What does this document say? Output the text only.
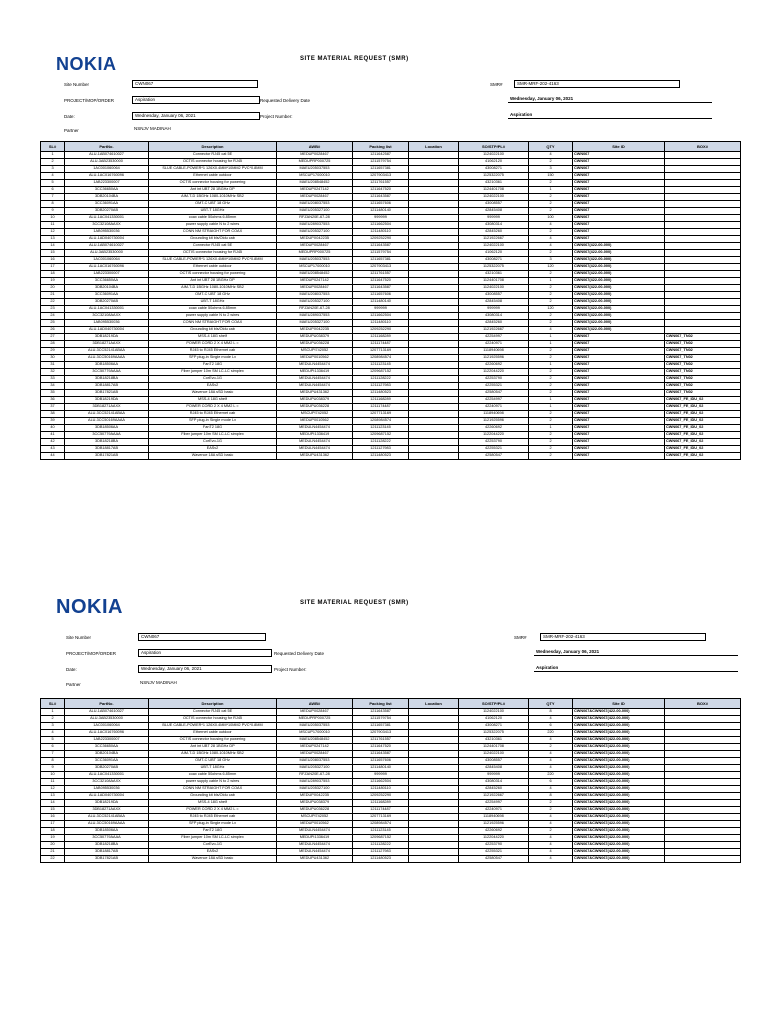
NOKIA	SITE MATERIAL REQUEST (SMR)
Site Number	CWN067	SMR#	SMR-MRF-202-4163
PROJECT/MOP/ORDER	Aspiration	Requested Delivery Date	Wednesday, January 06, 2021
Date:	Wednesday, January 06, 2021	Project Number:	Aspiration
Partner	NSNJV MADINAH
SL#	PartNo.	Description	AWB#	Packing list	Location	SO/STP/PL#	QTY	Site ID	BOX#
1	ALU-1AB074610027	Connector RJ45 cat 5E	MEDUP0028467	1211642587		1124022100	4	CWN067	
2	ALU-3AB23530000	OCTIS connector housing for RJ45	MEDUPRP000725	1211579754		41062120	2	CWN067	
3	1AC001060064	SLUE CABLE-POWER*1 126X0.4MM*10MM2 PVC*0.8MM	MAEU205037553	1211657381		43008271	3	CWN067	
4	ALU-1AC016760096	Ethernet cable outdoor	MSCUP17000010	1207903413		1125322075	150	CWN067	
5	1AB223300007	OCTIS connector housing for powering	MAEU208548452	1211761557		43210361	2	CWN067	
6	3CC36650AA	Ant int UBT 28 1BGHz DP	MEDUP0247142	1211647520		1124401708	1	CWN067	
7	3DB20104BA	AIM-T-D 1BGHz 1080-1010MHz SB2	MEDUP0028467	1211643587		1124022100	2	CWN067	
8	3CC36091AA	OMT-C UBT 18 GHz	MAEU208037553	1211657606		43008557	2	CWN067	
9	3DB20270AB	UBT-T 18GHz	MAEU205327100	1211480140		42845408	2	CWN067	
10	ALU-1AC041330001	coax cable 50ohms 6.85mm	RFZAN20E-67-28	999999		999999	100	CWN067	
11	3CC32108AAXX	power supply cable N to 2 wires	MAEU289037553	1211662504		43080314	4	CWN067	
12	1AB095530036	CONN NM STRAIGHT FOR COAX	MAEU205327100	1211480110		42845260	2	CWN067	
13	ALU-1AD040730004	Grounding kit bls/Oldu cab	MEDUPX042235	1209252290		1121922667	4	CWN067	
14	ALU-1AB074610027	Connector RJ45 cat 5E	MEDUP0028467	1211643587		1124022100	4	CWN067(422-00-000)	
15	ALU-3AB23530000	OCTIS connector housing for RJ45	MEDUPRP000725	1211579754		41062120	2	CWN067(422-00-000)	
16	1AC001060064	SLUE CABLE-POWER*1 126X0.4MM*10MM2 PVC*0.8MM	MAEU205037553	1211657381		43008271	3	CWN067(422-00-000)	
17	ALU-1AC016760096	Ethernet cable outdoor	MSCUP17000010	1207903413		1125322075	120	CWN067(422-00-000)	
18	1AB223300007	OCTIS connector housing for powering	MAEU208548452	1211761557		43210361	2	CWN067(422-00-000)	
19	3CC36650AA	Ant int UBT 28 1BGHz DP	MEDUP0247142	1211647520		1124401708	1	CWN067(422-00-000)	
20	3DB20104BA	AIM-T-D 1BGHz 1080-1010MHz SB2	MEDUP0028467	1211643587		1124022100	2	CWN067(422-00-000)	
21	3CC36091AA	OMT-C UBT 18 GHz	MAEU208037553	1211657606		43008557	2	CWN067(422-00-000)	
22	3DB20270AB	UBT-T 18GHz	MAEU205327100	1211480140		42845408	2	CWN067(422-00-000)	
23	ALU-1AC041330001	coax cable 50ohms 6.85mm	RFZAN20E-67-28	999999		999999	120	CWN067(422-00-000)	
24	3CC32108AAXX	power supply cable N to 2 wires	MAEU289037553	1211662504		43080314	2	CWN067(422-00-000)	
25	1AB095530036	CONN NM STRAIGHT FOR COAX	MAEU205327100	1211480110		42845260	2	CWN067(422-00-000)	
26	ALU-1AD040730004	Grounding kit bls/Oldu cab	MEDUPX042235	1209252290		1121922667	4	CWN067(422-00-000)	
27	3DB18219DA	MSS-4 18G shelf	MEDUPU038379	1211168289		42254997	1	CWN067	CWN067_TN02
28	3DB18271AAXX	POWER CORD 2 X 4 MM2 L =	MEDUPU036228	1211174487		42240971	1	CWN067	CWN067_TN02
29	ALU-3CC52141ABAA	RJ45 to RJ45 Ethernet cab	MSCUPI742052	1207713169		1118940698	2	CWN067	CWN067_TN02
30	ALU-3CC50169AAAA	SFP plug-in Single mode Lx	MEDUP0010562	1208984574		1121925596	2	CWN067	CWN067_TN02
31	3DB18506AA	FanT2 18G	MEDULN4454474	1211123145		42260692	1	CWN067	CWN067_TN02
32	3CC50779AAAA	Fiber jumper 10m SM LC-LC simplex	MEDUPI1336419	1209687152		1122044220	2	CWN067	CWN067_TN02
33	3DB18218BA	CorEvo-1G	MEDULN4454474	1211128222		42253790	2	CWN067	CWN067_TN02
34	3DB18817AB	EASv2	MEDULN4454474	1211127983		42255321	2	CWN067	CWN067_TN02
35	3DB17821AB	Wavence 18A sSD basic	MEDUPU431362	1211480523		42580547	2	CWN067	CWN067_TN02
36	3DB18219DA	MSS-4 18G shelf	MEDUPU038379	1211168289		42254997	1	CWN067	CWN067_FE_IDU_02
37	3DB18271AAXX	POWER CORD 2 X 4 MM2 L =	MEDUPU036228	1211174487		42240971	1	CWN067	CWN067_FE_IDU_02
38	ALU-3CC52141ABAA	RJ45 to RJ45 Ethernet cab	MSCUPI742052	1207713169		1118940698	2	CWN067	CWN067_FE_IDU_02
39	ALU-3CC50169AAAA	SFP plug-in Single mode Lx	MEDUP0010562	1208984574		1121925596	2	CWN067	CWN067_FE_IDU_02
40	3DB18506AA	FanT2 18G	MEDULN4454474	1211123145		42260692	1	CWN067	CWN067_FE_IDU_02
41	3CC50779AAAA	Fiber jumper 10m SM LC-LC simplex	MEDUPI1336419	1209687152		1122044220	2	CWN067	CWN067_FE_IDU_02
42	3DB18218BA	CorEvo-1G	MEDULN4454474	1211128222		42253790	2	CWN067	CWN067_FE_IDU_02
43	3DB18817AB	EASv2	MEDULN4454474	1211127983		42255321	2	CWN067	CWN067_FE_IDU_02
44	3DB17821AB	Wavence 18A sSD basic	MEDUPU431362	1211480523		42580547	2	CWN067	CWN067_FE_IDU_02
NOKIA	SITE MATERIAL REQUEST (SMR)
Site Number	CWN067	SMR#	SMR-MRF-202-4163
PROJECT/MOP/ORDER	Aspiration	Requested Delivery Date	Wednesday, January 06, 2021
Date:	Wednesday, January 06, 2021	Project Number:	Aspiration
Partner	NSNJV MADINAH
SL#	PartNo.	Description	AWB#	Packing list	Location	SO/STP/PL#	QTY	Site ID	BOX#
1	ALU-1AB074610027	Connector RJ45 cat 5E	MEDUP0028467	1211643587		1124022100	8	CWN067&CWN067(422-00-000)	
2	ALU-3AB23530000	OCTIS connector housing for RJ45	MEDUPRP000725	1211579754		41062120	4	CWN067&CWN067(422-00-000)	
3	1AC001060064	BLUE CABLE-POWER*1 126X0.4MM*10MM2 PVC*0.8MM	MAEU205037553	1211657381		43008271	6	CWN067&CWN067(422-00-000)	
4	ALU-1AC016760096	Ethernet cable outdoor	MSCUP17000010	1207903413		1125322075	220	CWN067&CWN067(422-00-000)	
5	1AB223300007	OCTIS connector housing for powering	MAEU208548452	1211761557		43210361	4	CWN067&CWN067(422-00-000)	
6	3CC36650AA	Ant int UBT 28 1BGHz DP	MEDUP0247142	1211647520		1124401708	2	CWN067&CWN067(422-00-000)	
7	3DB20104BA	AIM-T-D 1BGHz 1080-1010MHz SB2	MEDUP0028467	1211643587		1124022100	4	CWN067&CWN067(422-00-000)	
8	3CC36091AA	OMT-C UBT 18 GHz	MAEU208037553	1211657606		43008557	4	CWN067&CWN067(422-00-000)	
9	3DB20270AB	UBT-T 18GHz	MAEU205327100	1211480140		42845408	4	CWN067&CWN067(422-00-000)	
10	ALU-1AC041330001	coax cable 50ohms 6.85mm	RFZAN20E-67-28	999999		999999	220	CWN067&CWN067(422-00-000)	
11	3CC32108AAXX	power supply cable N to 2 wires	MAEU289037553	1211662504		43080314	6	CWN067&CWN067(422-00-000)	
12	1AB095530036	CONN NM STRAIGHT FOR COAX	MAEU205327100	1211480110		42845260	4	CWN067&CWN067(422-00-000)	
13	ALU-1AD040730004	Grounding kit bls/Oldu cab	MEDUPX042235	1209252290		1121922667	8	CWN067&CWN067(422-00-000)	
14	3DB18219DA	MSS-4 18G shelf	MEDUPU038379	1211168289		42254997	2	CWN067&CWN067(422-00-000)	
15	3DB18271AAXX	POWER CORD 2 X 4 MM2 L =	MEDUPU036228	1211174487		42240971	2	CWN067&CWN067(422-00-000)	
16	ALU-3CC52141ABAA	RJ45 to RJ45 Ethernet cab	MSCUPI742052	1207713169		1118940698	4	CWN067&CWN067(422-00-000)	
17	ALU-3CC50169AAAA	SFP plug-in Single mode Lx	MEDUP0010562	1208984574		1121925596	4	CWN067&CWN067(422-00-000)	
18	3DB18506AA	FanT2 18G	MEDULN4454474	1211123145		42260692	2	CWN067&CWN067(422-00-000)	
19	3CC50779AAAA	Fiber jumper 10m SM LC-LC simplex	MEDUPI1336419	1209687152		1122044220	4	CWN067&CWN067(422-00-000)	
20	3DB18218BA	CorEvo-1G	MEDULN4454474	1211128222		42253790	4	CWN067&CWN067(422-00-000)	
21	3DB18817AB	EASv2	MEDULN4454474	1211127983		42255321	4	CWN067&CWN067(422-00-000)	
22	3DB17821AB	Wavence 18A sSD basic	MEDUPU431362	1211480523		42580547	4	CWN067&CWN067(422-00-000)	
